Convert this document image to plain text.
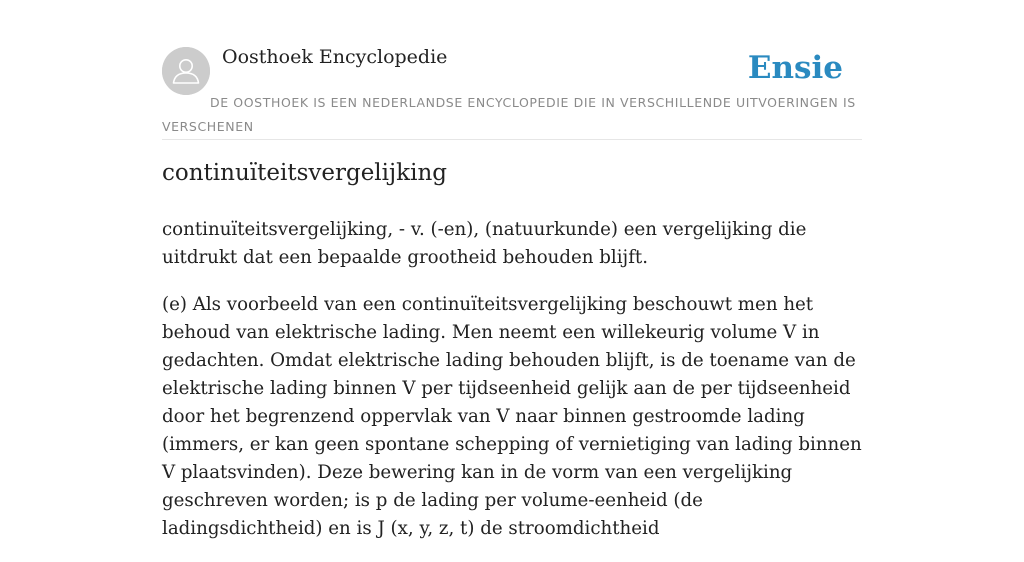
Oosthoek Encyclopedie	Ensie
DE OOSTHOEK IS EEN NEDERLANDSE ENCYCLOPEDIE DIE IN VERSCHILLENDE UITVOERINGEN IS VERSCHENEN
continuïteitsvergelijking

continuïteitsvergelijking, - v. (-en), (natuurkunde) een vergelijking die uitdrukt dat een bepaalde grootheid behouden blijft.

(e) Als voorbeeld van een continuïteitsvergelijking beschouwt men het behoud van elektrische lading. Men neemt een willekeurig volume V in gedachten. Omdat elektrische lading behouden blijft, is de toename van de elektrische lading binnen V per tijdseenheid gelijk aan de per tijdseenheid door het begrenzend oppervlak van V naar binnen gestroomde lading (immers, er kan geen spontane schepping of vernietiging van lading binnen V plaatsvinden). Deze bewering kan in de vorm van een vergelijking geschreven worden; is p de lading per volume-eenheid (de ladingsdichtheid) en is J (x, y, z, t) de stroomdichtheid
